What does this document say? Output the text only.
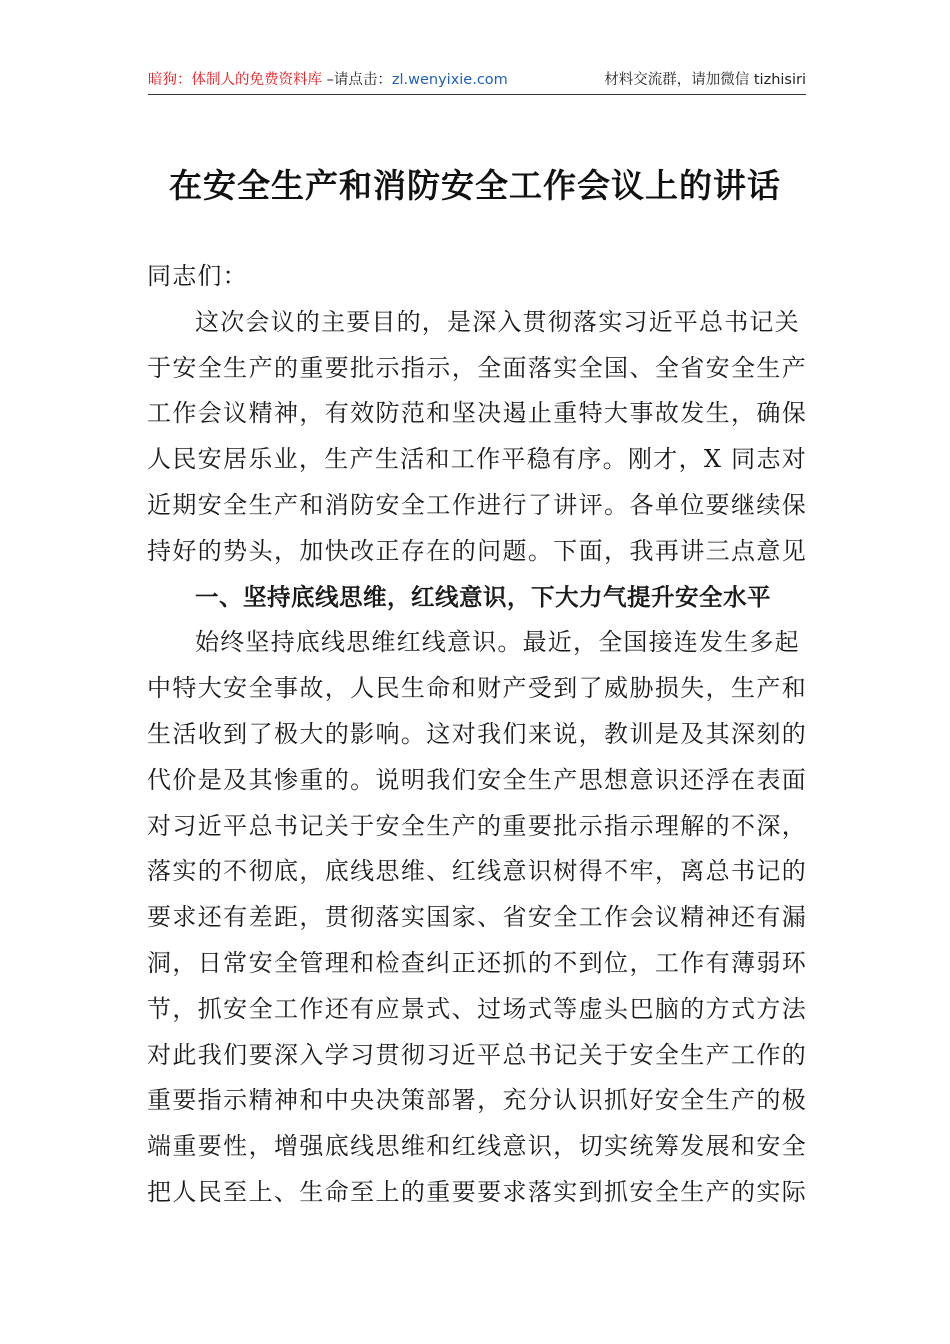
暗狗：体制人的免费资料库 –请点击：zl.wenyixie.com	材料交流群，请加微信 tizhisiri
在安全生产和消防安全工作会议上的讲话
同志们：
这次会议的主要目的，是深入贯彻落实习近平总书记关
于安全生产的重要批示指示，全面落实全国、全省安全生产
工作会议精神，有效防范和坚决遏止重特大事故发生，确保
人民安居乐业，生产生活和工作平稳有序。刚才，X 同志对
近期安全生产和消防安全工作进行了讲评。各单位要继续保
持好的势头，加快改正存在的问题。下面，我再讲三点意见
一、坚持底线思维，红线意识，下大力气提升安全水平
始终坚持底线思维红线意识。最近，全国接连发生多起
中特大安全事故，人民生命和财产受到了威胁损失，生产和
生活收到了极大的影响。这对我们来说，教训是及其深刻的
代价是及其惨重的。说明我们安全生产思想意识还浮在表面
对习近平总书记关于安全生产的重要批示指示理解的不深，
落实的不彻底，底线思维、红线意识树得不牢，离总书记的
要求还有差距，贯彻落实国家、省安全工作会议精神还有漏
洞，日常安全管理和检查纠正还抓的不到位，工作有薄弱环
节，抓安全工作还有应景式、过场式等虚头巴脑的方式方法
对此我们要深入学习贯彻习近平总书记关于安全生产工作的
重要指示精神和中央决策部署，充分认识抓好安全生产的极
端重要性，增强底线思维和红线意识，切实统筹发展和安全
把人民至上、生命至上的重要要求落实到抓安全生产的实际
